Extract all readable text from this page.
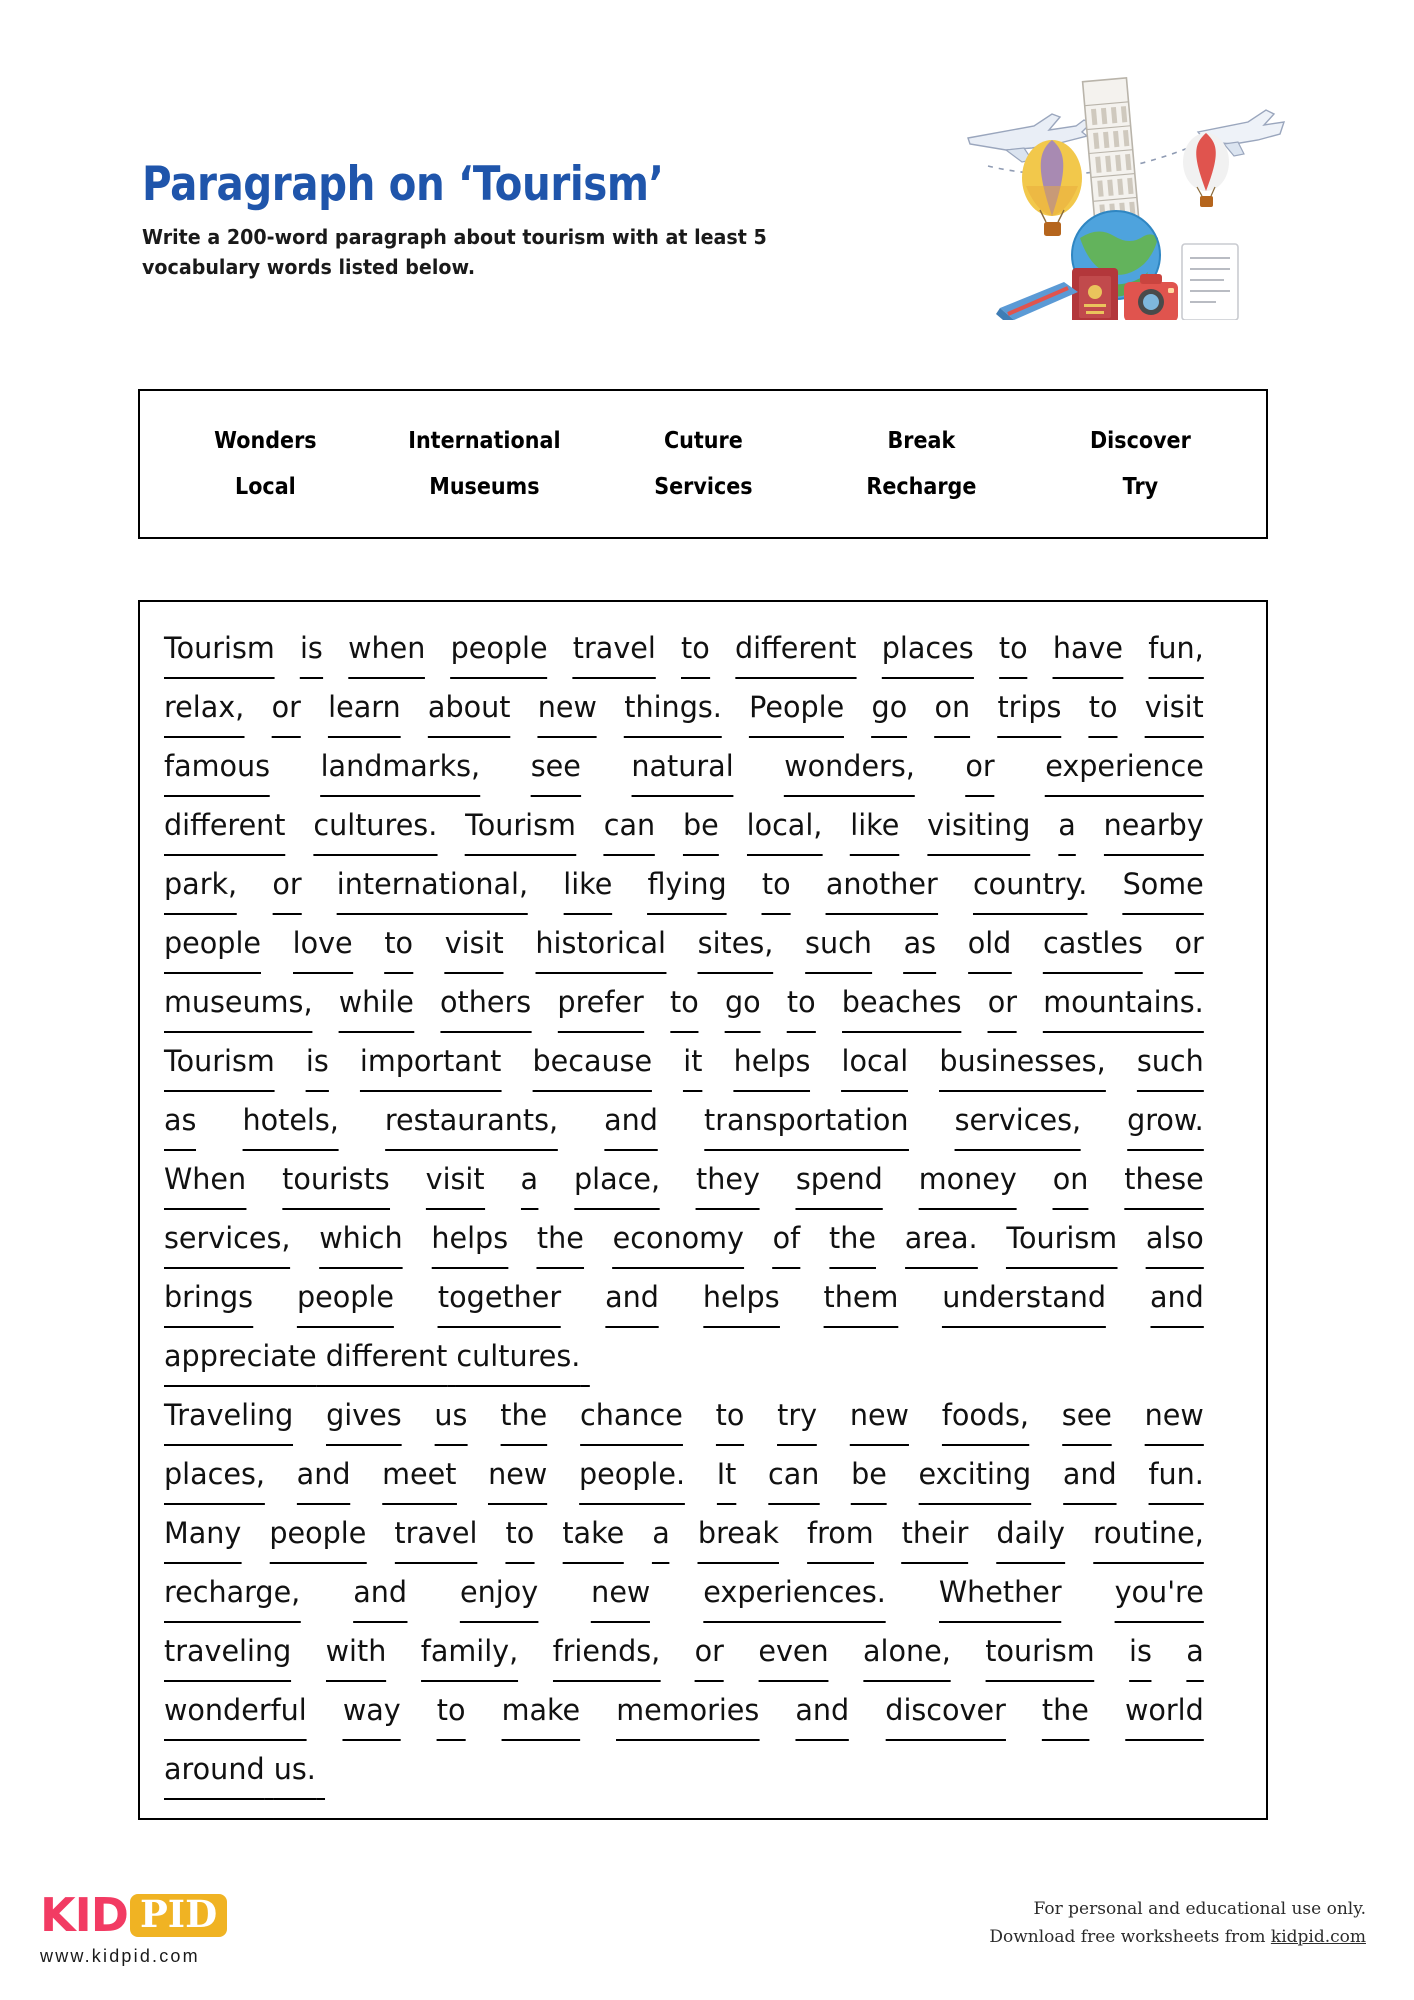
Paragraph on ‘Tourism’
Write a 200-word paragraph about tourism with at least 5 vocabulary words listed below.
Wonders	International	Cuture	Break	Discover
Local	Museums	Services	Recharge	Try
Tourism is when people travel to different places to have fun,
relax, or learn about new things. People go on trips to visit
famous landmarks, see natural wonders, or experience
different cultures. Tourism can be local, like visiting a nearby
park, or international, like flying to another country. Some
people love to visit historical sites, such as old castles or
museums, while others prefer to go to beaches or mountains.
Tourism is important because it helps local businesses, such
as hotels, restaurants, and transportation services, grow.
When tourists visit a place, they spend money on these
services, which helps the economy of the area. Tourism also
brings people together and helps them understand and
appreciate
different
cultures.

Traveling gives us the chance to try new foods, see new
places, and meet new people. It can be exciting and fun.
Many people travel to take a break from their daily routine,
recharge, and enjoy new experiences. Whether you're
traveling with family, friends, or even alone, tourism is a
wonderful way to make memories and discover the world
around
us.

KID PID
www.kidpid.com
For personal and educational use only.
Download free worksheets from kidpid.com
